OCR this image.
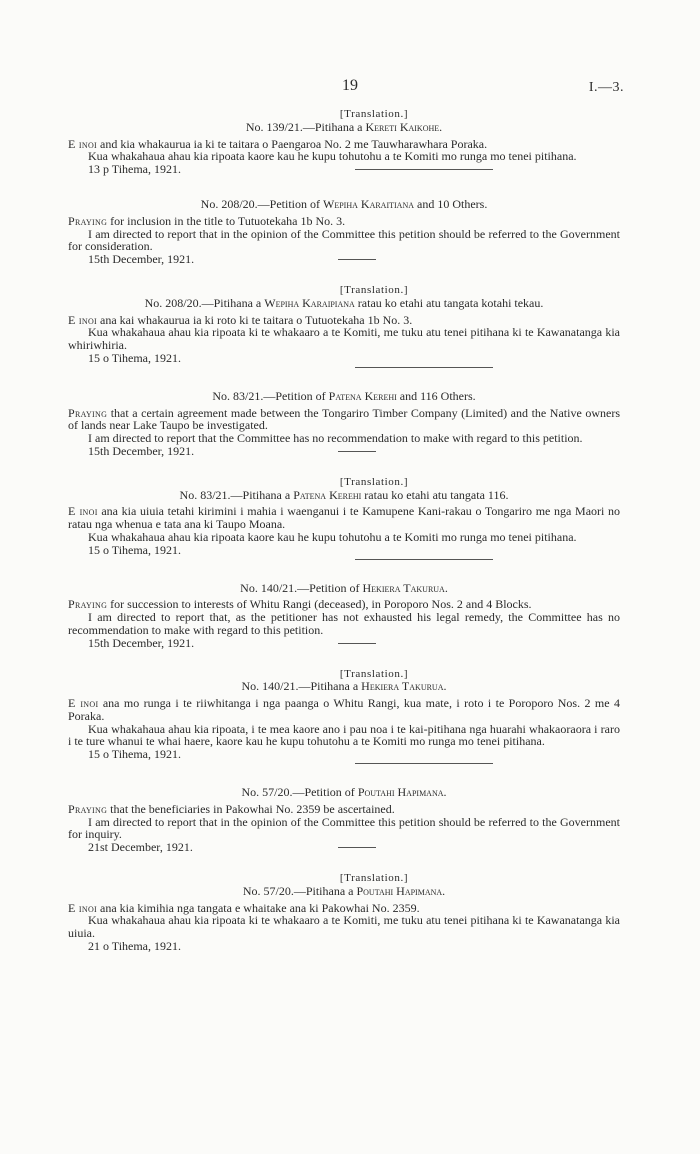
19	I.—3.
[Translation.]
No. 139/21.—Pitihana a Kereti Kaikohe.
E inoi and kia whakaurua ia ki te taitara o Paengaroa No. 2 me Tauwharawhara Poraka.
Kua whakahaua ahau kia ripoata kaore kau he kupu tohutohu a te Komiti mo runga mo tenei pitihana.
13 p Tihema, 1921.
No. 208/20.—Petition of Wepiha Karaitiana and 10 Others.
Praying for inclusion in the title to Tutuotekaha 1b No. 3.
I am directed to report that in the opinion of the Committee this petition should be referred to the Government for consideration.
15th December, 1921.
[Translation.]
No. 208/20.—Pitihana a Wepiha Karaipiana ratau ko etahi atu tangata kotahi tekau.
E inoi ana kai whakaurua ia ki roto ki te taitara o Tutuotekaha 1b No. 3.
Kua whakahaua ahau kia ripoata ki te whakaaro a te Komiti, me tuku atu tenei pitihana ki te Kawanatanga kia whiriwhiria.
15 o Tihema, 1921.
No. 83/21.—Petition of Patena Kerehi and 116 Others.
Praying that a certain agreement made between the Tongariro Timber Company (Limited) and the Native owners of lands near Lake Taupo be investigated.
I am directed to report that the Committee has no recommendation to make with regard to this petition.
15th December, 1921.
[Translation.]
No. 83/21.—Pitihana a Patena Kerehi ratau ko etahi atu tangata 116.
E inoi ana kia uiuia tetahi kirimini i mahia i waenganui i te Kamupene Kani-rakau o Tongariro me nga Maori no ratau nga whenua e tata ana ki Taupo Moana.
Kua whakahaua ahau kia ripoata kaore kau he kupu tohutohu a te Komiti mo runga mo tenei pitihana.
15 o Tihema, 1921.
No. 140/21.—Petition of Hekiera Takurua.
Praying for succession to interests of Whitu Rangi (deceased), in Poroporo Nos. 2 and 4 Blocks.
I am directed to report that, as the petitioner has not exhausted his legal remedy, the Committee has no recommendation to make with regard to this petition.
15th December, 1921.
[Translation.]
No. 140/21.—Pitihana a Hekiera Takurua.
E inoi ana mo runga i te riiwhitanga i nga paanga o Whitu Rangi, kua mate, i roto i te Poroporo Nos. 2 me 4 Poraka.
Kua whakahaua ahau kia ripoata, i te mea kaore ano i pau noa i te kai-pitihana nga huarahi whakaoraora i raro i te ture whanui te whai haere, kaore kau he kupu tohutohu a te Komiti mo runga mo tenei pitihana.
15 o Tihema, 1921.
No. 57/20.—Petition of Poutahi Hapimana.
Praying that the beneficiaries in Pakowhai No. 2359 be ascertained.
I am directed to report that in the opinion of the Committee this petition should be referred to the Government for inquiry.
21st December, 1921.
[Translation.]
No. 57/20.—Pitihana a Poutahi Hapimana.
E inoi ana kia kimihia nga tangata e whaitake ana ki Pakowhai No. 2359.
Kua whakahaua ahau kia ripoata ki te whakaaro a te Komiti, me tuku atu tenei pitihana ki te Kawanatanga kia uiuia.
21 o Tihema, 1921.
